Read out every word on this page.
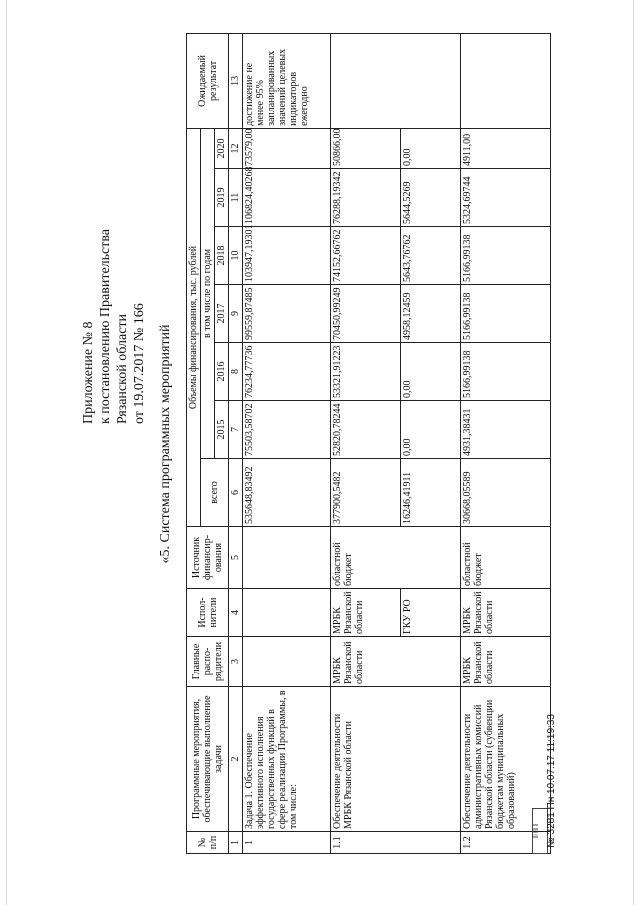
Приложение № 8 к постановлению Правительства Рязанской области от 19.07.2017 № 166 «5. Система программных мероприятий
№ п/п	Программные мероприятия, обеспечивающие выполнение задачи	Главные распо-рядители	Испол-нители	Источник финансир-ования	Объемы финансирования, тыс. рублей							Ожидаемый результат
					всего	в том числе по годам						
						2015	2016	2017	2018	2019	2020	
1	2	3	4	5	6	7	8	9	10	11	12	13
1	Задача 1. Обеспечение эффективного исполнения государственных функций в сфере реализации Программы, в том числе:				535648,83492	75503,58702	76234,77736	99559,87485	103947,19301	106824,40268	73579,00	достижение не менее 95% запланированных значений целевых индикаторов ежегодно
1.1	Обеспечение деятельности МРБК Рязанской области	МРБК Рязанской области	МРБК Рязанской области	областной бюджет	377900,5482	52820,78244	53321,91223	70450,99249	74152,66762	76288,19342	50866,00	
			ГКУ РО		16246,41911	0,00	0,00	4958,12459	5643,76762	5644,5269	0,00	
1.2	Обеспечение деятельности административных комиссий Рязанской области (субвенции бюджетам муниципальных образований)	МРБК Рязанской области	МРБК Рязанской области	областной бюджет	30668,05589	4931,38431	5166,99138	5166,99138	5166,99138	5324,69744	4911,00	
||| |||| || № 3281 Пн 10.07.17 11:19:33
